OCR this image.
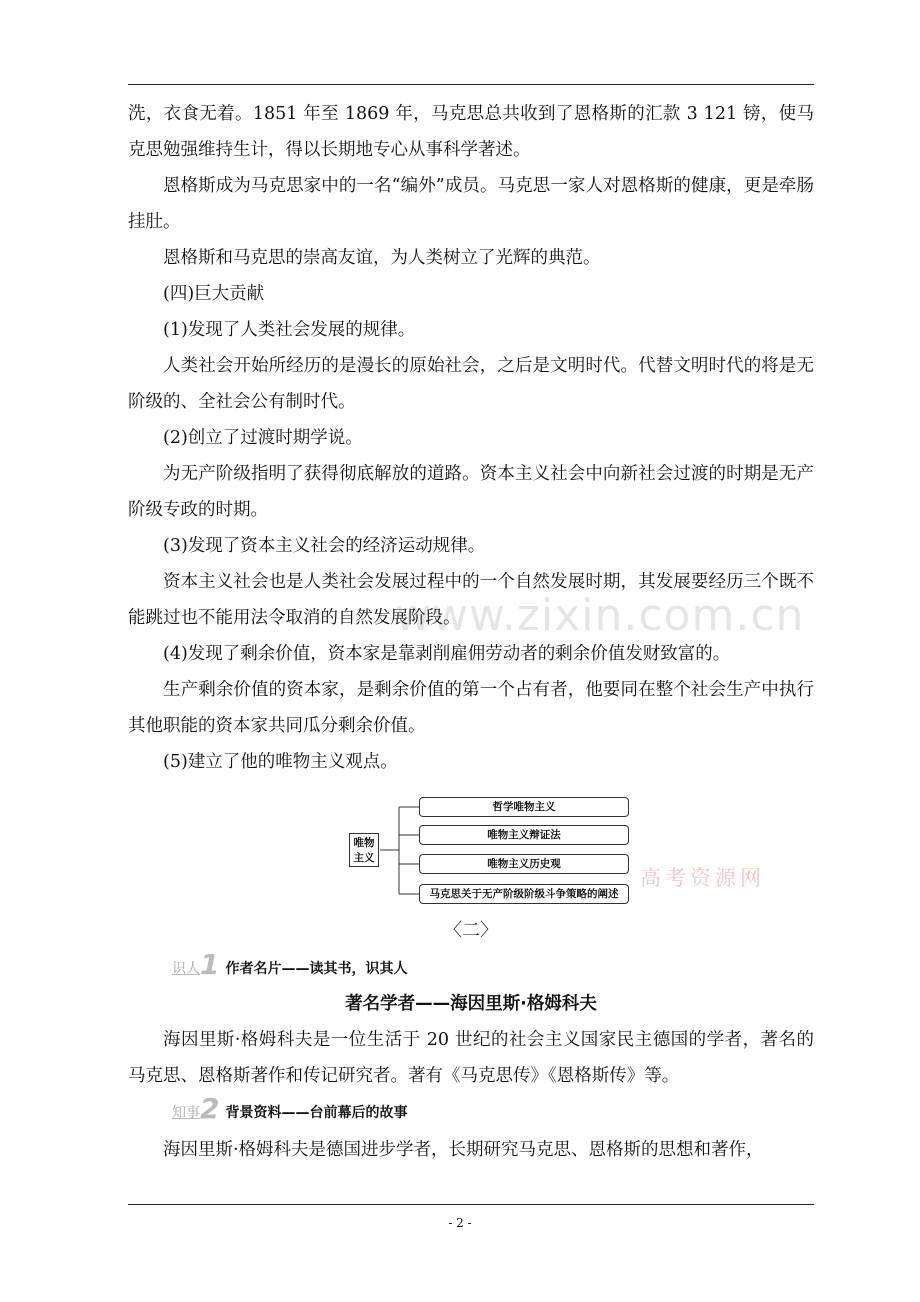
www.zixin.com.cn

洗，衣食无着。1851 年至 1869 年，马克思总共收到了恩格斯的汇款 3 121 镑，使马克思勉强维持生计，得以长期地专心从事科学著述。

恩格斯成为马克思家中的一名“编外”成员。马克思一家人对恩格斯的健康，更是牵肠挂肚。

恩格斯和马克思的崇高友谊，为人类树立了光辉的典范。

(四)巨大贡献

(1)发现了人类社会发展的规律。

人类社会开始所经历的是漫长的原始社会，之后是文明时代。代替文明时代的将是无阶级的、全社会公有制时代。

(2)创立了过渡时期学说。

为无产阶级指明了获得彻底解放的道路。资本主义社会中向新社会过渡的时期是无产阶级专政的时期。

(3)发现了资本主义社会的经济运动规律。

资本主义社会也是人类社会发展过程中的一个自然发展时期，其发展要经历三个既不能跳过也不能用法令取消的自然发展阶段。

(4)发现了剩余价值，资本家是靠剥削雇佣劳动者的剩余价值发财致富的。

生产剩余价值的资本家，是剩余价值的第一个占有者，他要同在整个社会生产中执行其他职能的资本家共同瓜分剩余价值。

(5)建立了他的唯物主义观点。

〈二〉
识人 1 作者名片——读其书，识其人
著名学者——海因里斯·格姆科夫

海因里斯·格姆科夫是一位生活于 20 世纪的社会主义国家民主德国的学者，著名的马克思、恩格斯著作和传记研究者。著有《马克思传》《恩格斯传》等。

知事 2 背景资料——台前幕后的故事

海因里斯·格姆科夫是德国进步学者，长期研究马克思、恩格斯的思想和著作，

唯物
主义
哲学唯物主义
唯物主义辩证法
唯物主义历史观
马克思关于无产阶级阶级斗争策略的阐述
高考资源网
- 2 -
